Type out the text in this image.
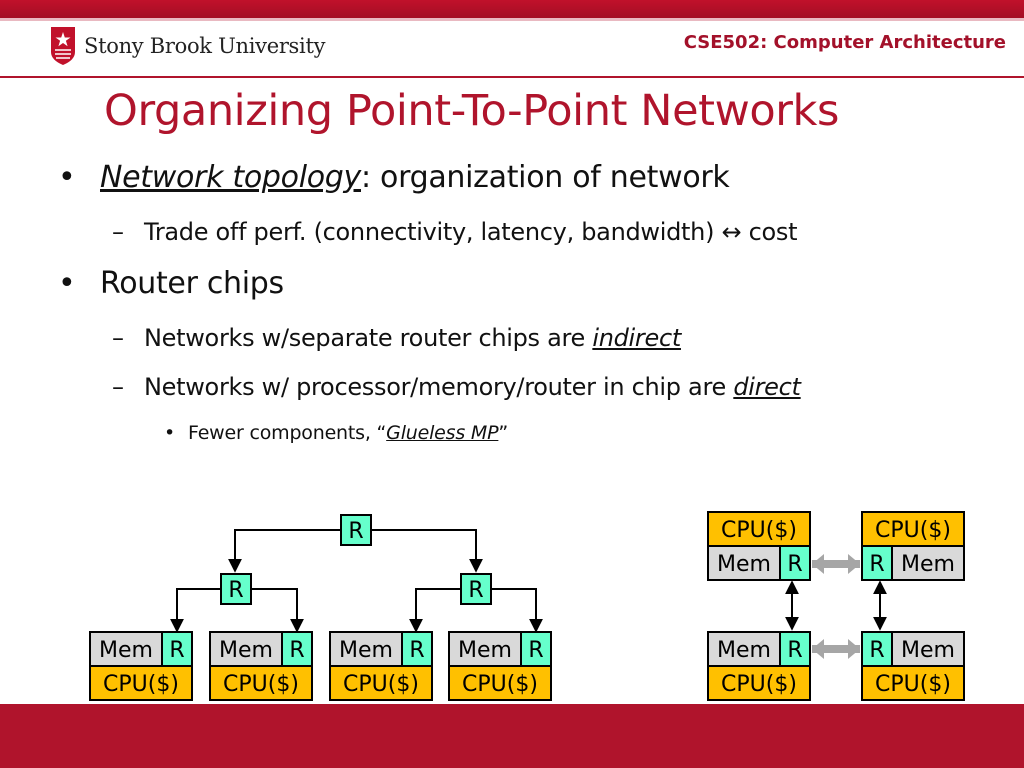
Stony Brook University	CSE502: Computer Architecture
Organizing Point-To-Point Networks
• Network topology: organization of network
– Trade off perf. (connectivity, latency, bandwidth) ↔ cost
• Router chips
– Networks w/separate router chips are indirect
– Networks w/ processor/memory/router in chip are direct
• Fewer components, “Glueless MP”
R
R	R
Mem R
CPU($)
Mem R
CPU($)
Mem R
CPU($)
Mem R
CPU($)
CPU($)
Mem R
CPU($)
R Mem
Mem R
CPU($)
R Mem
CPU($)
